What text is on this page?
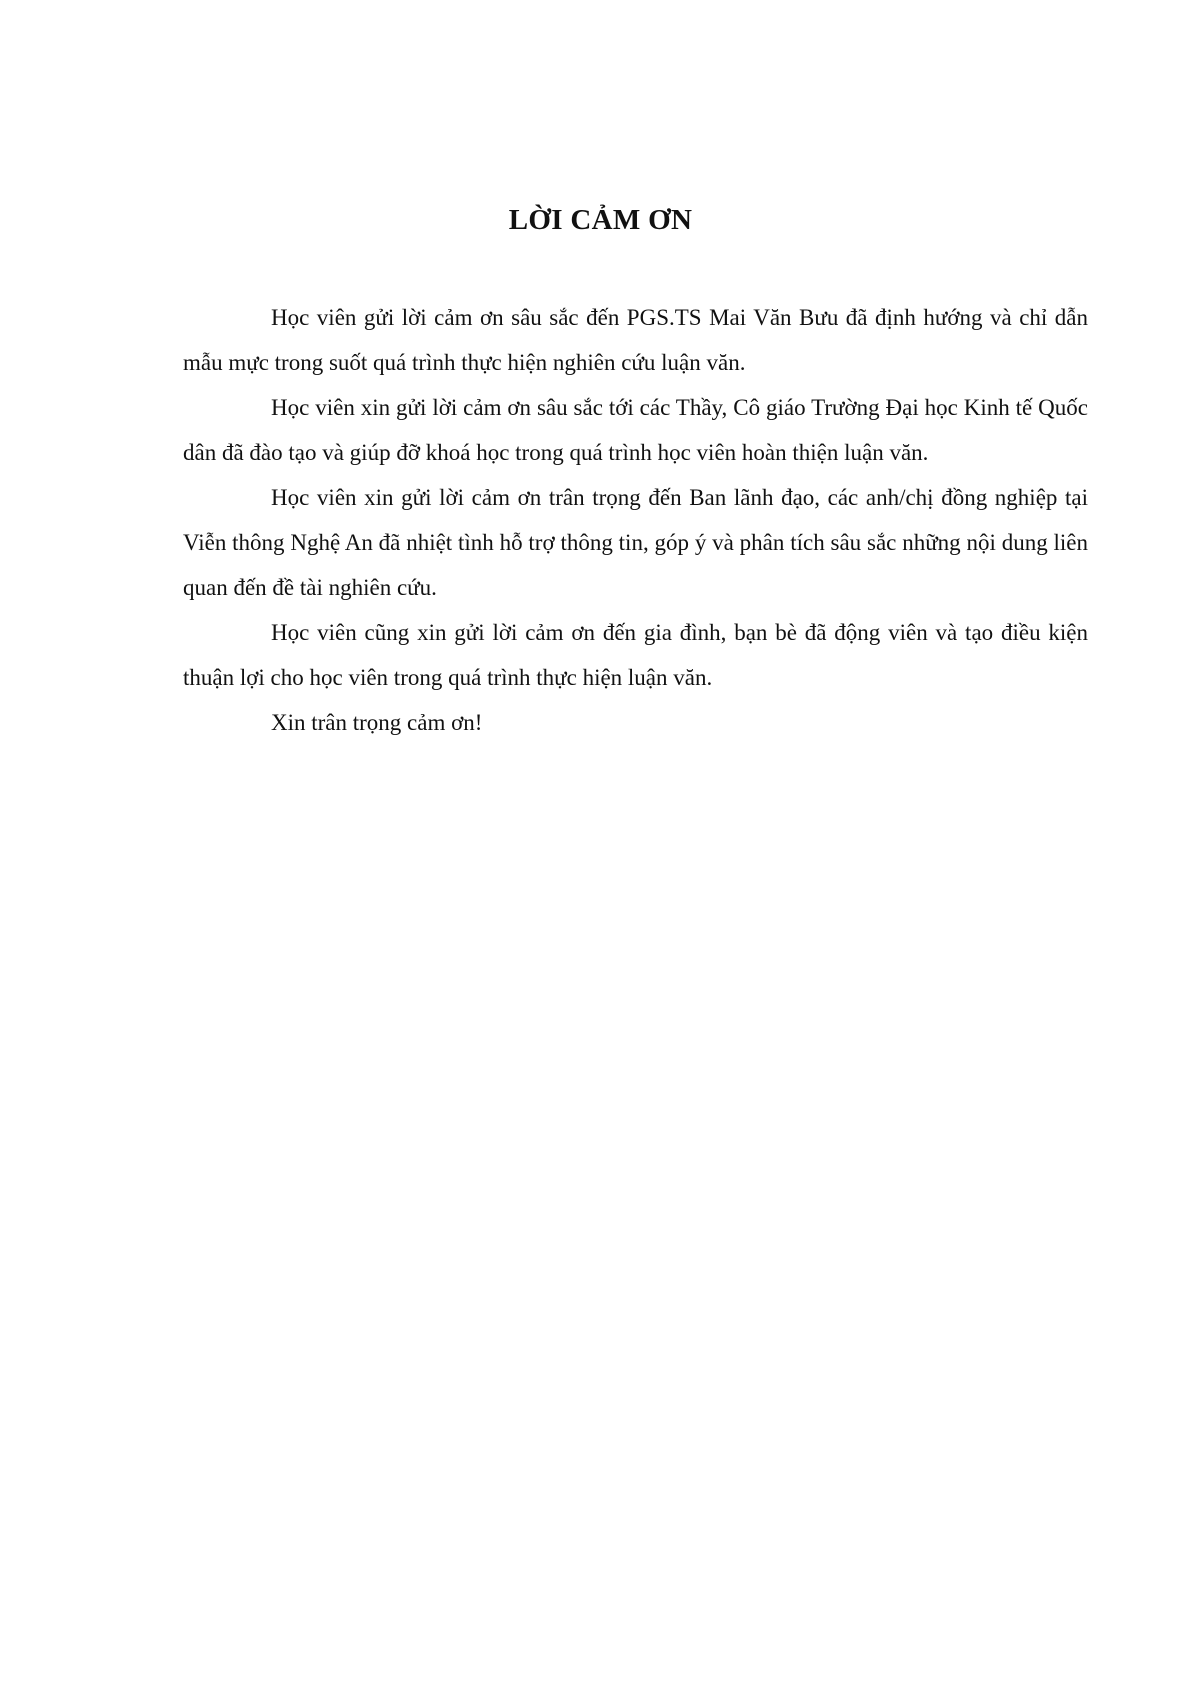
LỜI CẢM ƠN

Học viên gửi lời cảm ơn sâu sắc đến PGS.TS Mai Văn Bưu đã định hướng và chỉ dẫn mẫu mực trong suốt quá trình thực hiện nghiên cứu luận văn.

Học viên xin gửi lời cảm ơn sâu sắc tới các Thầy, Cô giáo Trường Đại học Kinh tế Quốc dân đã đào tạo và giúp đỡ khoá học trong quá trình học viên hoàn thiện luận văn.

Học viên xin gửi lời cảm ơn trân trọng đến Ban lãnh đạo, các anh/chị đồng nghiệp tại Viễn thông Nghệ An đã nhiệt tình hỗ trợ thông tin, góp ý và phân tích sâu sắc những nội dung liên quan đến đề tài nghiên cứu.

Học viên cũng xin gửi lời cảm ơn đến gia đình, bạn bè đã động viên và tạo điều kiện thuận lợi cho học viên trong quá trình thực hiện luận văn.

Xin trân trọng cảm ơn!
